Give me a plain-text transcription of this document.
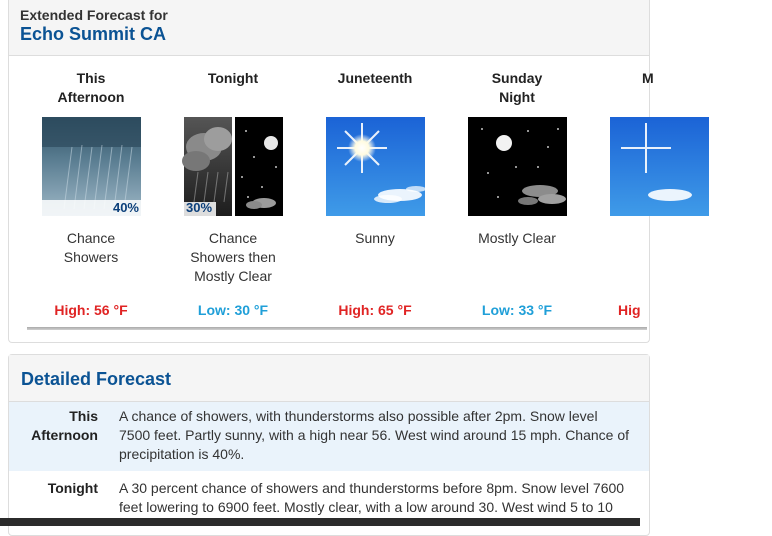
Extended Forecast for
Echo Summit CA
This
Afternoon
40%
Chance
Showers
High: 56 °F
Tonight
30%
Chance
Showers then
Mostly Clear
Low: 30 °F
Juneteenth
Sunny
High: 65 °F
Sunday
Night
Mostly Clear
Low: 33 °F
M
Hig
Detailed Forecast
This
Afternoon
A chance of showers, with thunderstorms also possible after 2pm. Snow level 7500 feet. Partly sunny, with a high near 56. West wind around 15 mph. Chance of precipitation is 40%.
Tonight A 30 percent chance of showers and thunderstorms before 8pm. Snow level 7600 feet lowering to 6900 feet. Mostly clear, with a low around 30. West wind 5 to 10
